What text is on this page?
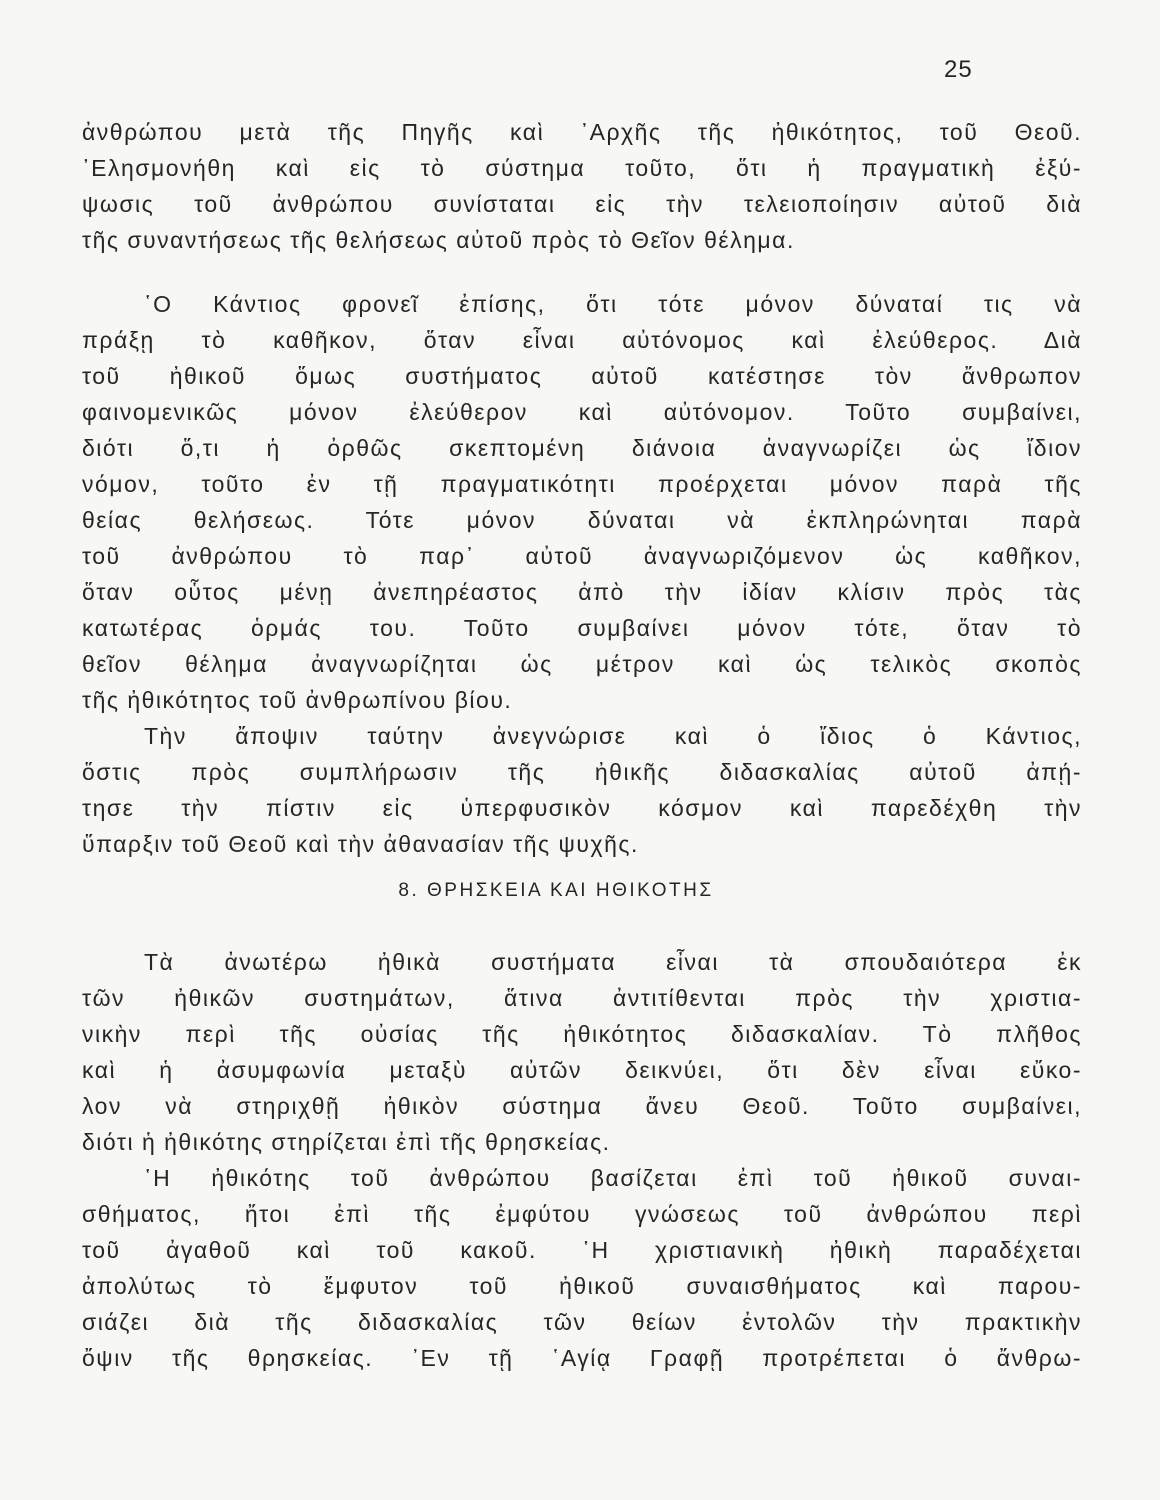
25
ἀνθρώπου μετὰ τῆς Πηγῆς καὶ ᾽Αρχῆς τῆς ἠθικότητος, τοῦ Θεοῦ.
᾽Ελησμονήθη καὶ εἰς τὸ σύστημα τοῦτο, ὅτι ἡ πραγματικὴ ἐξύ-
ψωσις τοῦ ἀνθρώπου συνίσταται εἰς τὴν τελειοποίησιν αὐτοῦ διὰ
τῆς συναντήσεως τῆς θελήσεως αὐτοῦ πρὸς τὸ Θεῖον θέλημα.
῾Ο Κάντιος φρονεῖ ἐπίσης, ὅτι τότε μόνον δύναταί τις νὰ
πράξῃ τὸ καθῆκον, ὅταν εἶναι αὐτόνομος καὶ ἐλεύθερος. Διὰ
τοῦ ἠθικοῦ ὅμως συστήματος αὐτοῦ κατέστησε τὸν ἄνθρωπον
φαινομενικῶς μόνον ἐλεύθερον καὶ αὐτόνομον. Τοῦτο συμβαίνει,
διότι ὅ,τι ἡ ὀρθῶς σκεπτομένη διάνοια ἀναγνωρίζει ὡς ἴδιον
νόμον, τοῦτο ἐν τῇ πραγματικότητι προέρχεται μόνον παρὰ τῆς
θείας θελήσεως. Τότε μόνον δύναται νὰ ἐκπληρώνηται παρὰ
τοῦ ἀνθρώπου τὸ παρ᾽ αὐτοῦ ἀναγνωριζόμενον ὡς καθῆκον,
ὅταν οὗτος μένῃ ἀνεπηρέαστος ἀπὸ τὴν ἰδίαν κλίσιν πρὸς τὰς
κατωτέρας ὁρμάς του. Τοῦτο συμβαίνει μόνον τότε, ὅταν τὸ
θεῖον θέλημα ἀναγνωρίζηται ὡς μέτρον καὶ ὡς τελικὸς σκοπὸς
τῆς ἠθικότητος τοῦ ἀνθρωπίνου βίου.
Τὴν ἄποψιν ταύτην ἀνεγνώρισε καὶ ὁ ἴδιος ὁ Κάντιος,
ὅστις πρὸς συμπλήρωσιν τῆς ἠθικῆς διδασκαλίας αὐτοῦ ἀπῄ-
τησε τὴν πίστιν εἰς ὑπερφυσικὸν κόσμον καὶ παρεδέχθη τὴν
ὕπαρξιν τοῦ Θεοῦ καὶ τὴν ἀθανασίαν τῆς ψυχῆς.
8. ΘΡΗΣΚΕΙΑ ΚΑΙ ΗΘΙΚΟΤΗΣ
Τὰ ἀνωτέρω ἠθικὰ συστήματα εἶναι τὰ σπουδαιότερα ἐκ
τῶν ἠθικῶν συστημάτων, ἅτινα ἀντιτίθενται πρὸς τὴν χριστια-
νικὴν περὶ τῆς οὐσίας τῆς ἠθικότητος διδασκαλίαν. Τὸ πλῆθος
καὶ ἡ ἀσυμφωνία μεταξὺ αὐτῶν δεικνύει, ὅτι δὲν εἶναι εὔκο-
λον νὰ στηριχθῇ ἠθικὸν σύστημα ἄνευ Θεοῦ. Τοῦτο συμβαίνει,
διότι ἡ ἠθικότης στηρίζεται ἐπὶ τῆς θρησκείας.
῾Η ἠθικότης τοῦ ἀνθρώπου βασίζεται ἐπὶ τοῦ ἠθικοῦ συναι-
σθήματος, ἤτοι ἐπὶ τῆς ἐμφύτου γνώσεως τοῦ ἀνθρώπου περὶ
τοῦ ἀγαθοῦ καὶ τοῦ κακοῦ. ῾Η χριστιανικὴ ἠθικὴ παραδέχεται
ἀπολύτως τὸ ἔμφυτον τοῦ ἠθικοῦ συναισθήματος καὶ παρου-
σιάζει διὰ τῆς διδασκαλίας τῶν θείων ἐντολῶν τὴν πρακτικὴν
ὄψιν τῆς θρησκείας. ᾽Εν τῇ ῾Αγίᾳ Γραφῇ προτρέπεται ὁ ἄνθρω-
